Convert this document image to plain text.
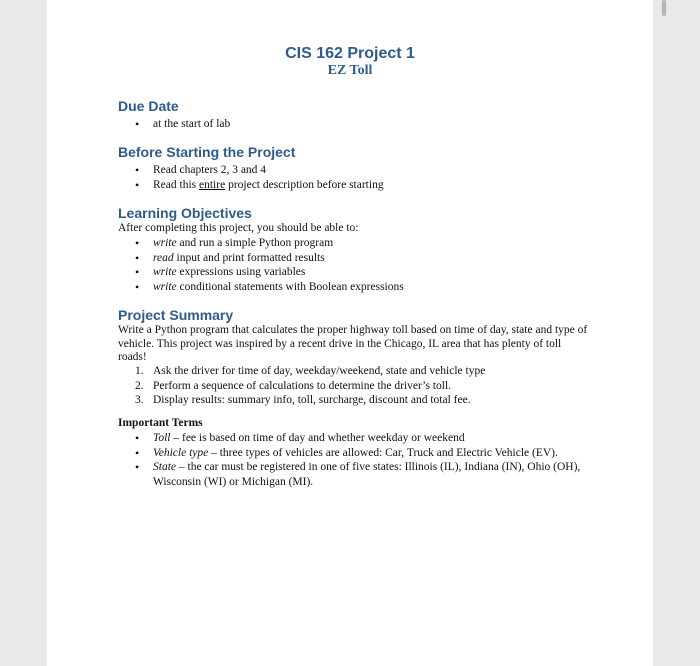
CIS 162 Project 1
EZ Toll
Due Date
• at the start of lab
Before Starting the Project
• Read chapters 2, 3 and 4
• Read this entire project description before starting
Learning Objectives
After completing this project, you should be able to:
• write and run a simple Python program
• read input and print formatted results
• write expressions using variables
• write conditional statements with Boolean expressions
Project Summary
Write a Python program that calculates the proper highway toll based on time of day, state and type of vehicle. This project was inspired by a recent drive in the Chicago, IL area that has plenty of toll roads!
1. Ask the driver for time of day, weekday/weekend, state and vehicle type
2. Perform a sequence of calculations to determine the driver’s toll.
3. Display results: summary info, toll, surcharge, discount and total fee.
Important Terms
• Toll – fee is based on time of day and whether weekday or weekend
• Vehicle type – three types of vehicles are allowed: Car, Truck and Electric Vehicle (EV).
• State – the car must be registered in one of five states: Illinois (IL), Indiana (IN), Ohio (OH), Wisconsin (WI) or Michigan (MI).
